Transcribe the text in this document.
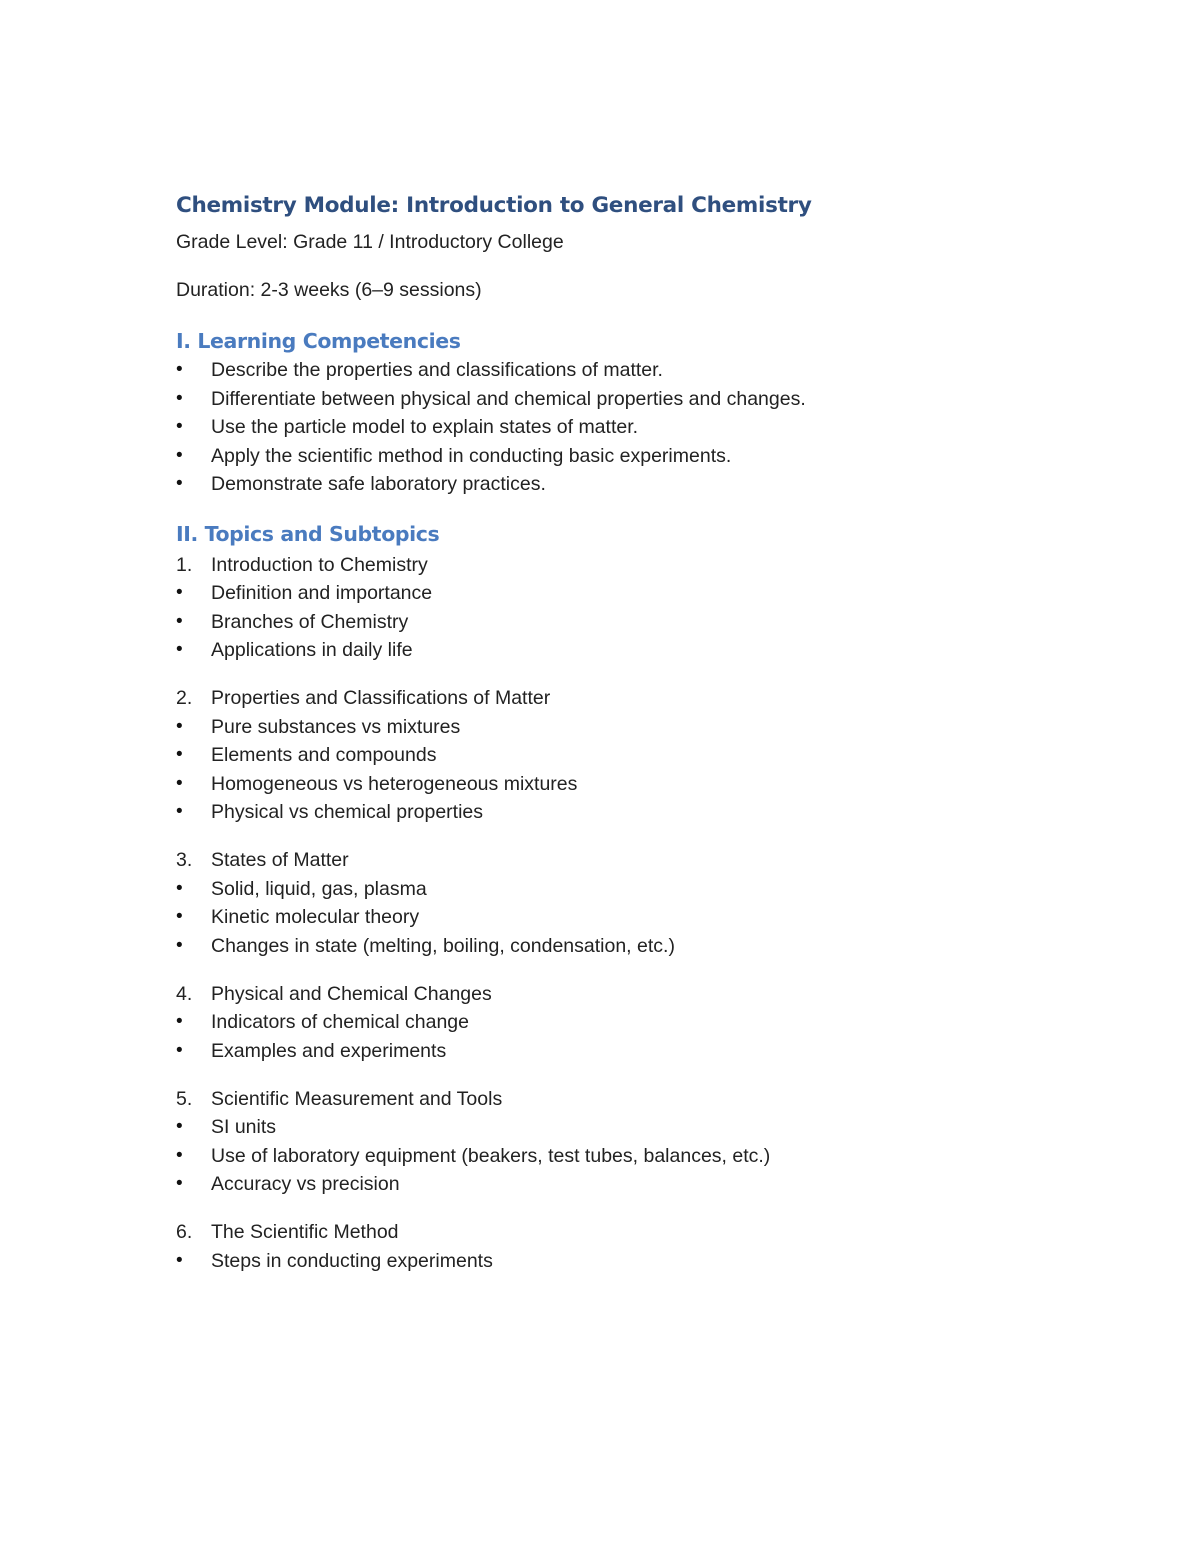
Chemistry Module: Introduction to General Chemistry

Grade Level: Grade 11 / Introductory College

Duration: 2-3 weeks (6–9 sessions)

I. Learning Competencies
• Describe the properties and classifications of matter.
• Differentiate between physical and chemical properties and changes.
• Use the particle model to explain states of matter.
• Apply the scientific method in conducting basic experiments.
• Demonstrate safe laboratory practices.
II. Topics and Subtopics

1. Introduction to Chemistry

• Definition and importance
• Branches of Chemistry
• Applications in daily life

2. Properties and Classifications of Matter

• Pure substances vs mixtures
• Elements and compounds
• Homogeneous vs heterogeneous mixtures
• Physical vs chemical properties

3. States of Matter

• Solid, liquid, gas, plasma
• Kinetic molecular theory
• Changes in state (melting, boiling, condensation, etc.)

4. Physical and Chemical Changes

• Indicators of chemical change
• Examples and experiments

5. Scientific Measurement and Tools

• SI units
• Use of laboratory equipment (beakers, test tubes, balances, etc.)
• Accuracy vs precision

6. The Scientific Method

• Steps in conducting experiments
